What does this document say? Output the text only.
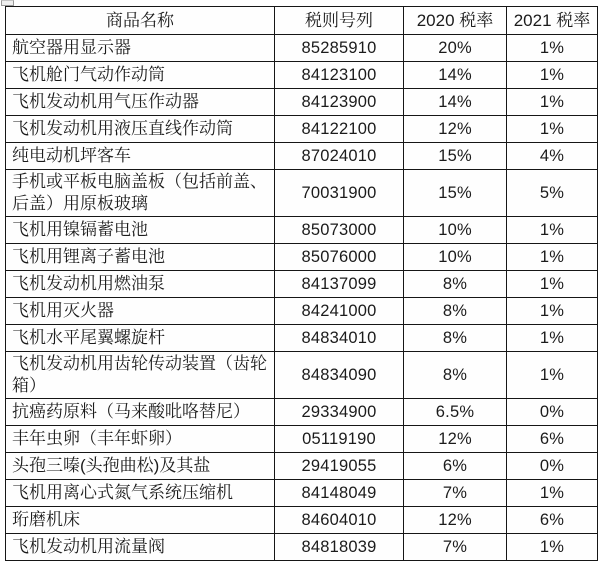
商品名称	税则号列	2020 税率	2021 税率
航空器用显示器	85285910	20%	1%
飞机舱门气动作动筒	84123100	14%	1%
飞机发动机用气压作动器	84123900	14%	1%
飞机发动机用液压直线作动筒	84122100	12%	1%
纯电动机坪客车	87024010	15%	4%
手机或平板电脑盖板（包括前盖、后盖）用原板玻璃	70031900	15%	5%
飞机用镍镉蓄电池	85073000	10%	1%
飞机用锂离子蓄电池	85076000	10%	1%
飞机发动机用燃油泵	84137099	8%	1%
飞机用灭火器	84241000	8%	1%
飞机水平尾翼螺旋杆	84834010	8%	1%
飞机发动机用齿轮传动装置（齿轮箱）	84834090	8%	1%
抗癌药原料（马来酸吡咯替尼）	29334900	6.5%	0%
丰年虫卵（丰年虾卵）	05119190	12%	6%
头孢三嗪(头孢曲松)及其盐	29419055	6%	0%
飞机用离心式氮气系统压缩机	84148049	7%	1%
珩磨机床	84604010	12%	6%
飞机发动机用流量阀	84818039	7%	1%
